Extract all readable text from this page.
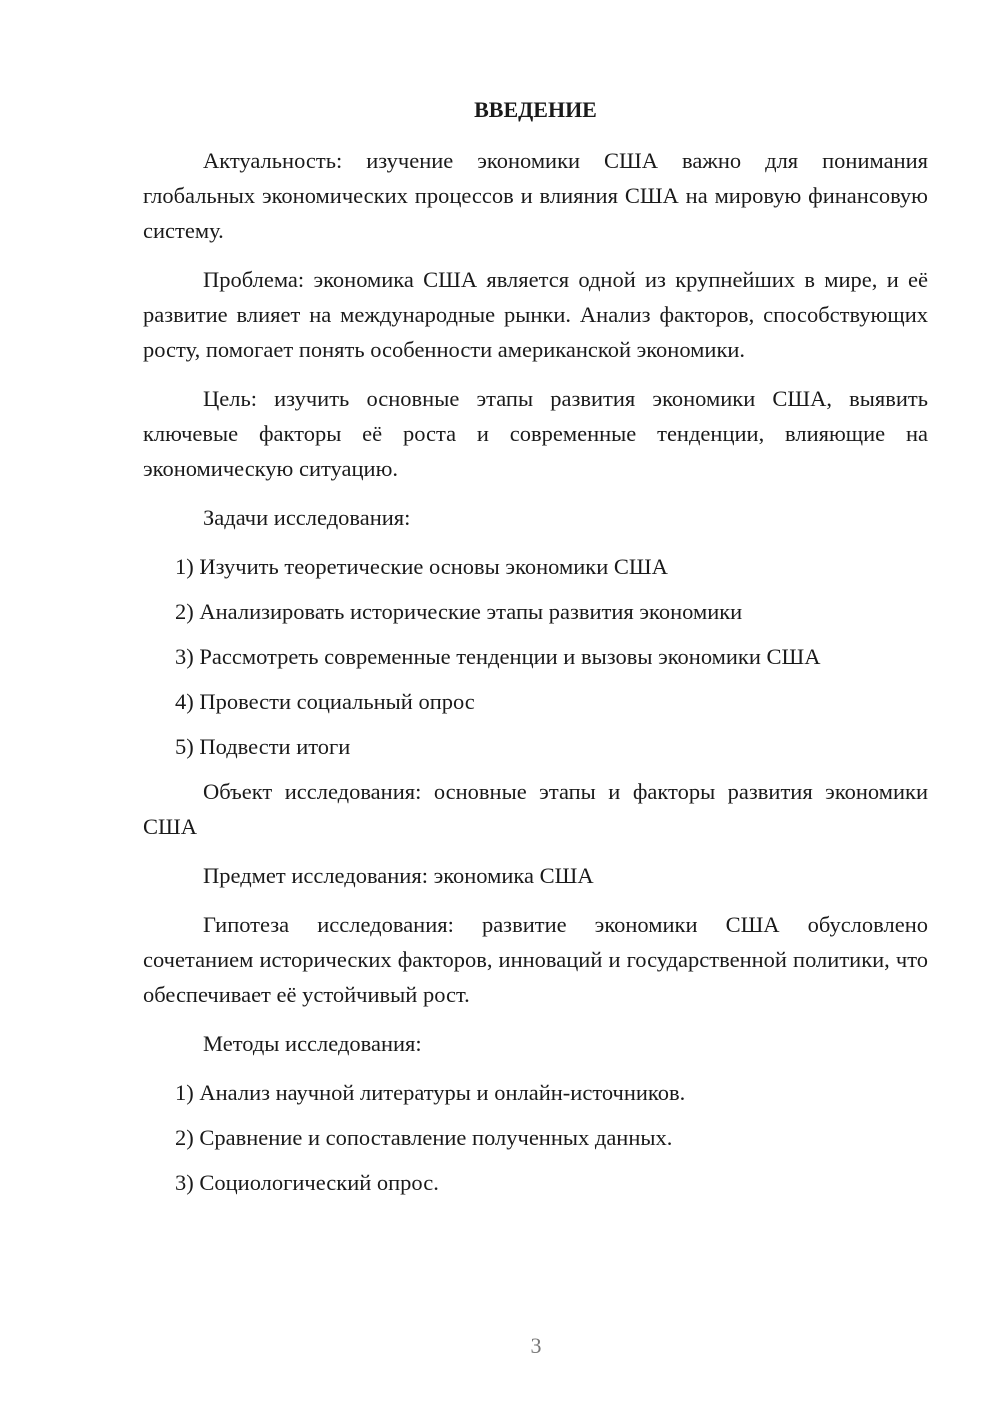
ВВЕДЕНИЕ

Актуальность: изучение экономики США важно для понимания глобальных экономических процессов и влияния США на мировую финансовую систему.

Проблема: экономика США является одной из крупнейших в мире, и её развитие влияет на международные рынки. Анализ факторов, способствующих росту, помогает понять особенности американской экономики.

Цель: изучить основные этапы развития экономики США, выявить ключевые факторы её роста и современные тенденции, влияющие на экономическую ситуацию.

Задачи исследования:

1) Изучить теоретические основы экономики США
2) Анализировать исторические этапы развития экономики
3) Рассмотреть современные тенденции и вызовы экономики США
4) Провести социальный опрос
5) Подвести итоги

Объект исследования: основные этапы и факторы развития экономики США

Предмет исследования: экономика США

Гипотеза исследования: развитие экономики США обусловлено сочетанием исторических факторов, инноваций и государственной политики, что обеспечивает её устойчивый рост.

Методы исследования:

1) Анализ научной литературы и онлайн-источников.
2) Сравнение и сопоставление полученных данных.
3) Социологический опрос.
3
